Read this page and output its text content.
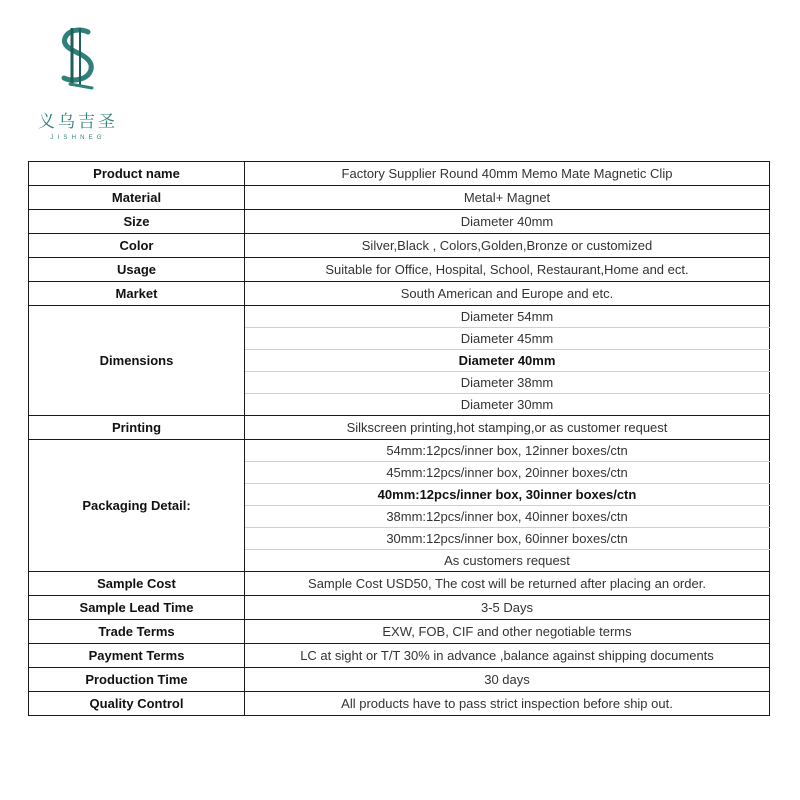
义乌吉圣
JISHNEG
Product name	Factory Supplier Round 40mm Memo Mate Magnetic Clip
Material	Metal+ Magnet
Size	Diameter 40mm
Color	Silver,Black , Colors,Golden,Bronze or customized
Usage	Suitable for Office, Hospital, School, Restaurant,Home and ect.
Market	South American and Europe and etc.
Dimensions	Diameter 54mm
	Diameter 45mm
	Diameter 40mm
	Diameter 38mm
	Diameter 30mm
Printing	Silkscreen printing,hot stamping,or as customer request
Packaging Detail:	54mm:12pcs/inner box, 12inner boxes/ctn
	45mm:12pcs/inner box, 20inner boxes/ctn
	40mm:12pcs/inner box, 30inner boxes/ctn
	38mm:12pcs/inner box, 40inner boxes/ctn
	30mm:12pcs/inner box, 60inner boxes/ctn
	As customers request
Sample Cost	Sample Cost USD50, The cost will be returned after placing an order.
Sample Lead Time	3-5 Days
Trade Terms	EXW, FOB, CIF and other negotiable terms
Payment Terms	LC at sight or T/T 30% in advance ,balance against shipping documents
Production Time	30 days
Quality Control	All products have to pass strict inspection before ship out.
